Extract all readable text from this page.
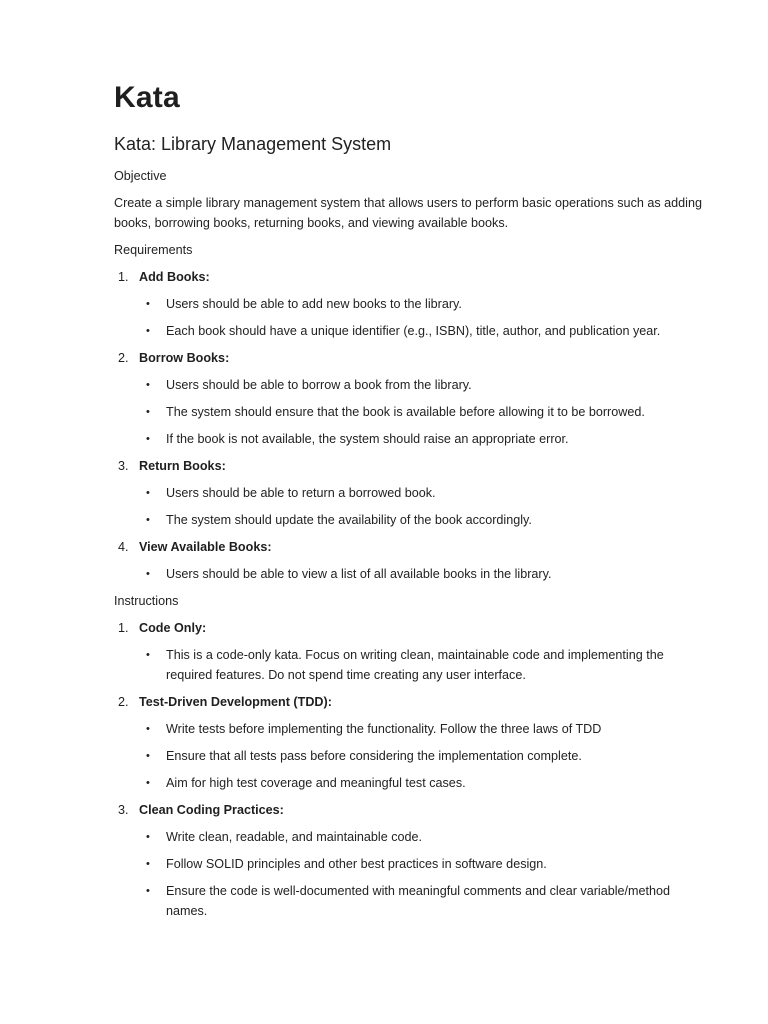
Kata
Kata: Library Management System

Objective

Create a simple library management system that allows users to perform basic operations such as adding books, borrowing books, returning books, and viewing available books.

Requirements

1. Add Books:
• Users should be able to add new books to the library.
• Each book should have a unique identifier (e.g., ISBN), title, author, and publication year.
2. Borrow Books:
• Users should be able to borrow a book from the library.
• The system should ensure that the book is available before allowing it to be borrowed.
• If the book is not available, the system should raise an appropriate error.
3. Return Books:
• Users should be able to return a borrowed book.
• The system should update the availability of the book accordingly.
4. View Available Books:
• Users should be able to view a list of all available books in the library.

Instructions

1. Code Only:
• This is a code-only kata. Focus on writing clean, maintainable code and implementing the required features. Do not spend time creating any user interface.
2. Test-Driven Development (TDD):
• Write tests before implementing the functionality. Follow the three laws of TDD
• Ensure that all tests pass before considering the implementation complete.
• Aim for high test coverage and meaningful test cases.
3. Clean Coding Practices:
• Write clean, readable, and maintainable code.
• Follow SOLID principles and other best practices in software design.
• Ensure the code is well-documented with meaningful comments and clear variable/method names.
